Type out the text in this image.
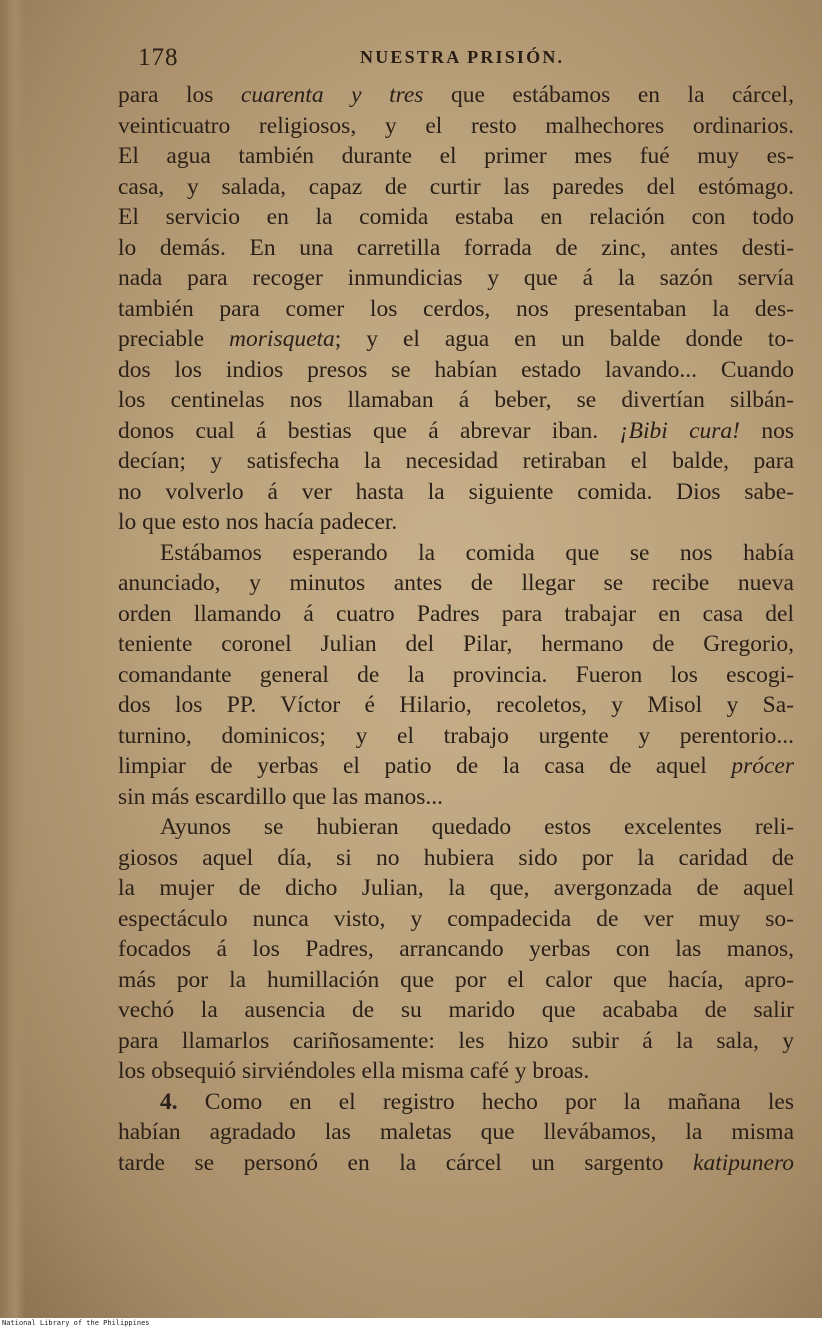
178	NUESTRA PRISIÓN.
para los cuarenta y tres que estábamos en la cárcel,
veinticuatro religiosos, y el resto malhechores ordinarios.
El agua también durante el primer mes fué muy es-
casa, y salada, capaz de curtir las paredes del estómago.
El servicio en la comida estaba en relación con todo
lo demás. En una carretilla forrada de zinc, antes desti-
nada para recoger inmundicias y que á la sazón servía
también para comer los cerdos, nos presentaban la des-
preciable morisqueta; y el agua en un balde donde to-
dos los indios presos se habían estado lavando... Cuando
los centinelas nos llamaban á beber, se divertían silbán-
donos cual á bestias que á abrevar iban. ¡Bibi cura! nos
decían; y satisfecha la necesidad retiraban el balde, para
no volverlo á ver hasta la siguiente comida. Dios sabe-
lo que esto nos hacía padecer.
Estábamos esperando la comida que se nos había
anunciado, y minutos antes de llegar se recibe nueva
orden llamando á cuatro Padres para trabajar en casa del
teniente coronel Julian del Pilar, hermano de Gregorio,
comandante general de la provincia. Fueron los escogi-
dos los PP. Víctor é Hilario, recoletos, y Misol y Sa-
turnino, dominicos; y el trabajo urgente y perentorio...
limpiar de yerbas el patio de la casa de aquel prócer
sin más escardillo que las manos...
Ayunos se hubieran quedado estos excelentes reli-
giosos aquel día, si no hubiera sido por la caridad de
la mujer de dicho Julian, la que, avergonzada de aquel
espectáculo nunca visto, y compadecida de ver muy so-
focados á los Padres, arrancando yerbas con las manos,
más por la humillación que por el calor que hacía, apro-
vechó la ausencia de su marido que acababa de salir
para llamarlos cariñosamente: les hizo subir á la sala, y
los obsequió sirviéndoles ella misma café y broas.
4. Como en el registro hecho por la mañana les
habían agradado las maletas que llevábamos, la misma
tarde se personó en la cárcel un sargento katipunero
National Library of the Philippines
